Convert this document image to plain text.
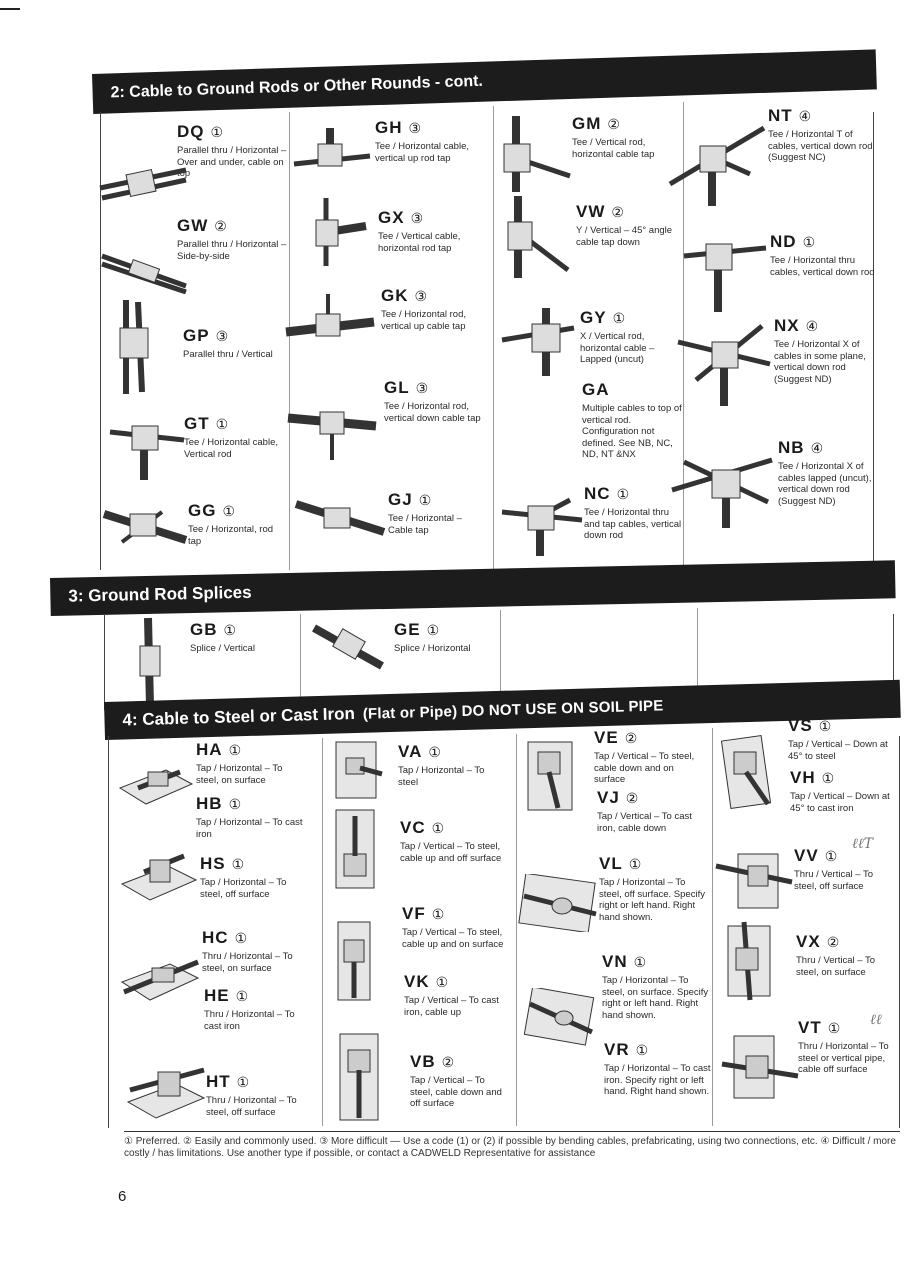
2: Cable to Ground Rods or Other Rounds - cont.
DQ ①
Parallel thru / Horizontal – Over and under, cable on top
GW ②
Parallel thru / Horizontal – Side-by-side
GP ③
Parallel thru / Vertical
GT ①
Tee / Horizontal cable, Vertical rod
GG ①
Tee / Horizontal, rod tap
GH ③
Tee / Horizontal cable, vertical up rod tap
GX ③
Tee / Vertical cable, horizontal rod tap
GK ③
Tee / Horizontal rod, vertical up cable tap
GL ③
Tee / Horizontal rod, vertical down cable tap
GJ ①
Tee / Horizontal – Cable tap
GM ②
Tee / Vertical rod, horizontal cable tap
VW ②
Y / Vertical – 45° angle cable tap down
GY ①
X / Vertical rod, horizontal cable – Lapped (uncut)
GA
Multiple cables to top of vertical rod. Configuration not defined. See NB, NC, ND, NT &NX
NC ①
Tee / Horizontal thru and tap cables, vertical down rod
NT ④
Tee / Horizontal T of cables, vertical down rod (Suggest NC)
ND ①
Tee / Horizontal thru cables, vertical down rod
NX ④
Tee / Horizontal X of cables in some plane, vertical down rod (Suggest ND)
NB ④
Tee / Horizontal X of cables lapped (uncut), vertical down rod (Suggest ND)
3: Ground Rod Splices
GB ①
Splice / Vertical
GE ①
Splice / Horizontal
4: Cable to Steel or Cast Iron (Flat or Pipe) DO NOT USE ON SOIL PIPE
HA ①
Tap / Horizontal – To steel, on surface
HB ①
Tap / Horizontal – To cast iron
HS ①
Tap / Horizontal – To steel, off surface
HC ①
Thru / Horizontal – To steel, on surface
HE ①
Thru / Horizontal – To cast iron
HT ①
Thru / Horizontal – To steel, off surface
VA ①
Tap / Horizontal – To steel
VC ①
Tap / Vertical – To steel, cable up and off surface
VF ①
Tap / Vertical – To steel, cable up and on surface
VK ①
Tap / Vertical – To cast iron, cable up
VB ②
Tap / Vertical – To steel, cable down and off surface
VE ②
Tap / Vertical – To steel, cable down and on surface
VJ ②
Tap / Vertical – To cast iron, cable down
VL ①
Tap / Horizontal – To steel, off surface. Specify right or left hand. Right hand shown.
VN ①
Tap / Horizontal – To steel, on surface. Specify right or left hand. Right hand shown.
VR ①
Tap / Horizontal – To cast iron. Specify right or left hand. Right hand shown.
VS ①
Tap / Vertical – Down at 45° to steel
VH ①
Tap / Vertical – Down at 45° to cast iron
VV ①
Thru / Vertical – To steel, off surface
VX ②
Thru / Vertical – To steel, on surface
VT ①
Thru / Horizontal – To steel or vertical pipe, cable off surface
ℓℓT
ℓℓ
① Preferred. ② Easily and commonly used. ③ More difficult — Use a code (1) or (2) if possible by bending cables, prefabricating, using two connections, etc. ④ Difficult / more costly / has limitations. Use another type if possible, or contact a CADWELD Representative for assistance
6
